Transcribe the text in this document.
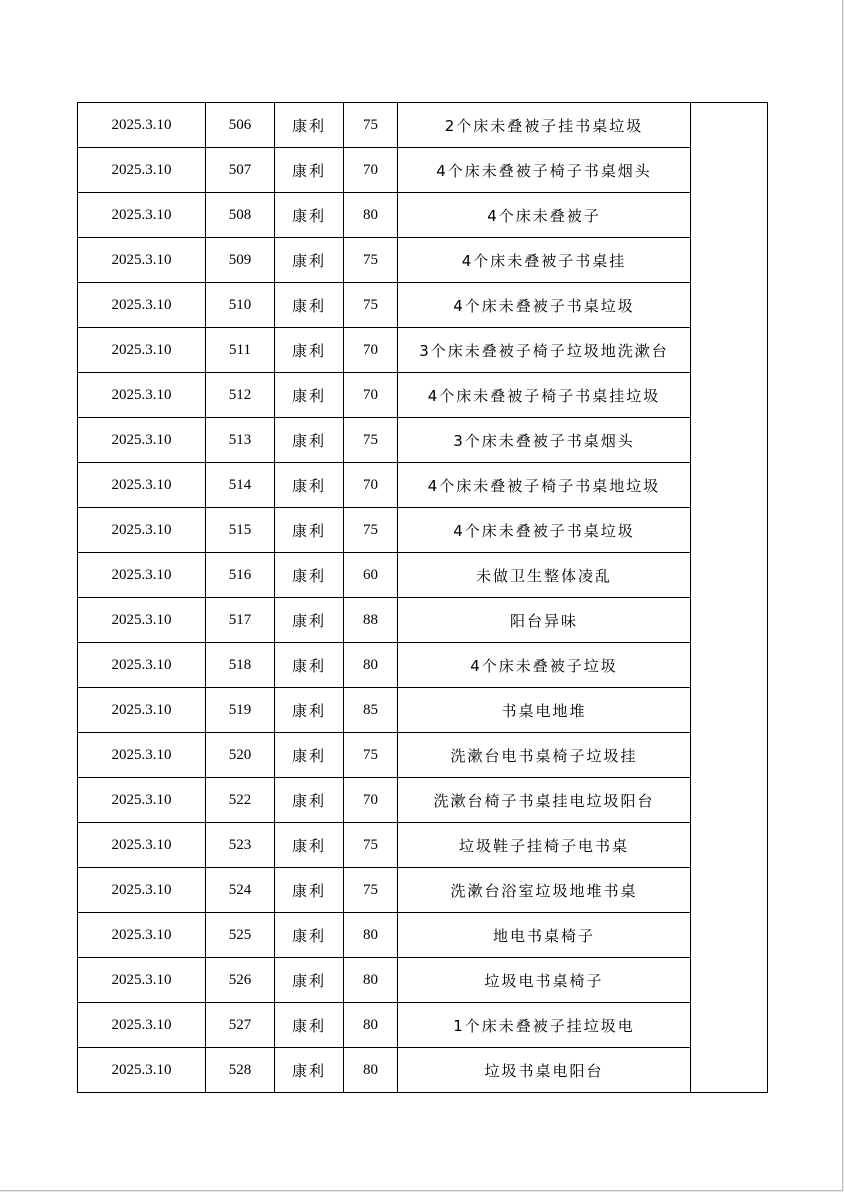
2025.3.10	506	康利	75	2个床未叠被子挂书桌垃圾	
2025.3.10	507	康利	70	4个床未叠被子椅子书桌烟头	
2025.3.10	508	康利	80	4个床未叠被子	
2025.3.10	509	康利	75	4个床未叠被子书桌挂	
2025.3.10	510	康利	75	4个床未叠被子书桌垃圾	
2025.3.10	511	康利	70	3个床未叠被子椅子垃圾地洗漱台	
2025.3.10	512	康利	70	4个床未叠被子椅子书桌挂垃圾	
2025.3.10	513	康利	75	3个床未叠被子书桌烟头	
2025.3.10	514	康利	70	4个床未叠被子椅子书桌地垃圾	
2025.3.10	515	康利	75	4个床未叠被子书桌垃圾	
2025.3.10	516	康利	60	未做卫生整体凌乱	
2025.3.10	517	康利	88	阳台异味	
2025.3.10	518	康利	80	4个床未叠被子垃圾	
2025.3.10	519	康利	85	书桌电地堆	
2025.3.10	520	康利	75	洗漱台电书桌椅子垃圾挂	
2025.3.10	522	康利	70	洗漱台椅子书桌挂电垃圾阳台	
2025.3.10	523	康利	75	垃圾鞋子挂椅子电书桌	
2025.3.10	524	康利	75	洗漱台浴室垃圾地堆书桌	
2025.3.10	525	康利	80	地电书桌椅子	
2025.3.10	526	康利	80	垃圾电书桌椅子	
2025.3.10	527	康利	80	1个床未叠被子挂垃圾电	
2025.3.10	528	康利	80	垃圾书桌电阳台	
